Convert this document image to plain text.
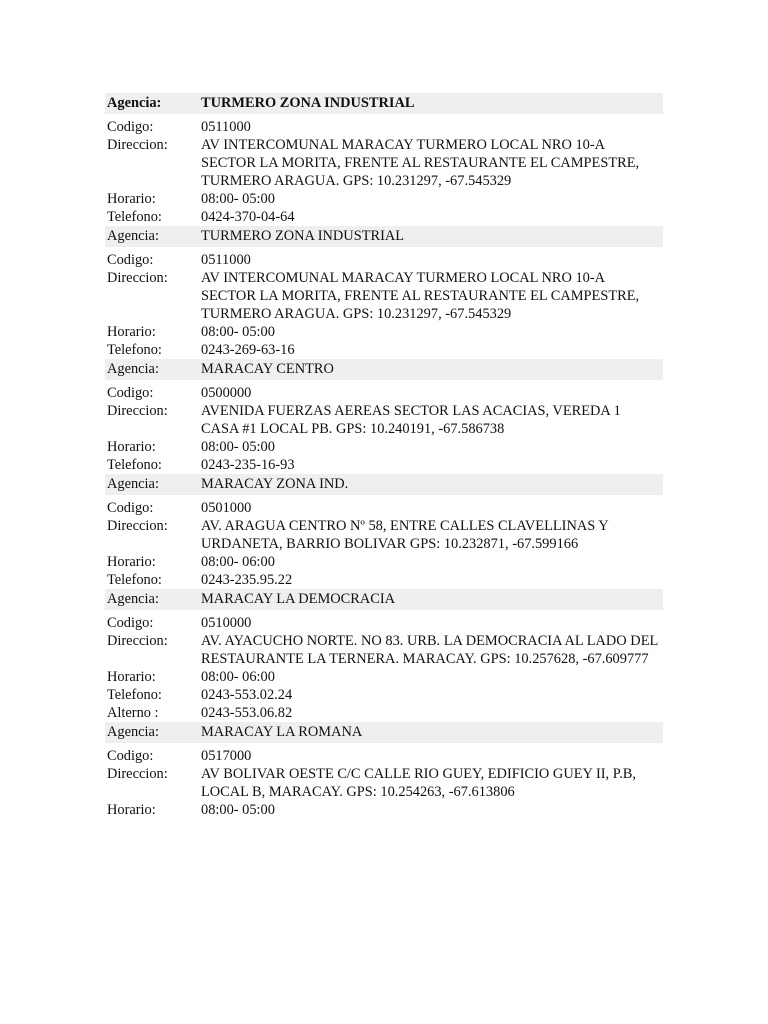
Agencia:	TURMERO ZONA INDUSTRIAL
Codigo:	0511000
Direccion:	AV INTERCOMUNAL MARACAY TURMERO LOCAL NRO 10-A SECTOR LA MORITA, FRENTE AL RESTAURANTE EL CAMPESTRE, TURMERO ARAGUA. GPS: 10.231297, -67.545329
Horario:	08:00- 05:00
Telefono:	0424-370-04-64
Agencia:	TURMERO ZONA INDUSTRIAL
Codigo:	0511000
Direccion:	AV INTERCOMUNAL MARACAY TURMERO LOCAL NRO 10-A SECTOR LA MORITA, FRENTE AL RESTAURANTE EL CAMPESTRE, TURMERO ARAGUA. GPS: 10.231297, -67.545329
Horario:	08:00- 05:00
Telefono:	0243-269-63-16
Agencia:	MARACAY CENTRO
Codigo:	0500000
Direccion:	AVENIDA FUERZAS AEREAS SECTOR LAS ACACIAS, VEREDA 1 CASA #1 LOCAL PB. GPS: 10.240191, -67.586738
Horario:	08:00- 05:00
Telefono:	0243-235-16-93
Agencia:	MARACAY ZONA IND.
Codigo:	0501000
Direccion:	AV. ARAGUA CENTRO Nº 58, ENTRE CALLES CLAVELLINAS Y URDANETA, BARRIO BOLIVAR GPS: 10.232871, -67.599166
Horario:	08:00- 06:00
Telefono:	0243-235.95.22
Agencia:	MARACAY LA DEMOCRACIA
Codigo:	0510000
Direccion:	AV. AYACUCHO NORTE. NO 83. URB. LA DEMOCRACIA AL LADO DEL RESTAURANTE LA TERNERA. MARACAY. GPS: 10.257628, -67.609777
Horario:	08:00- 06:00
Telefono:	0243-553.02.24
Alterno :	0243-553.06.82
Agencia:	MARACAY LA ROMANA
Codigo:	0517000
Direccion:	AV BOLIVAR OESTE C/C CALLE RIO GUEY, EDIFICIO GUEY II, P.B, LOCAL B, MARACAY. GPS: 10.254263, -67.613806
Horario:	08:00- 05:00
